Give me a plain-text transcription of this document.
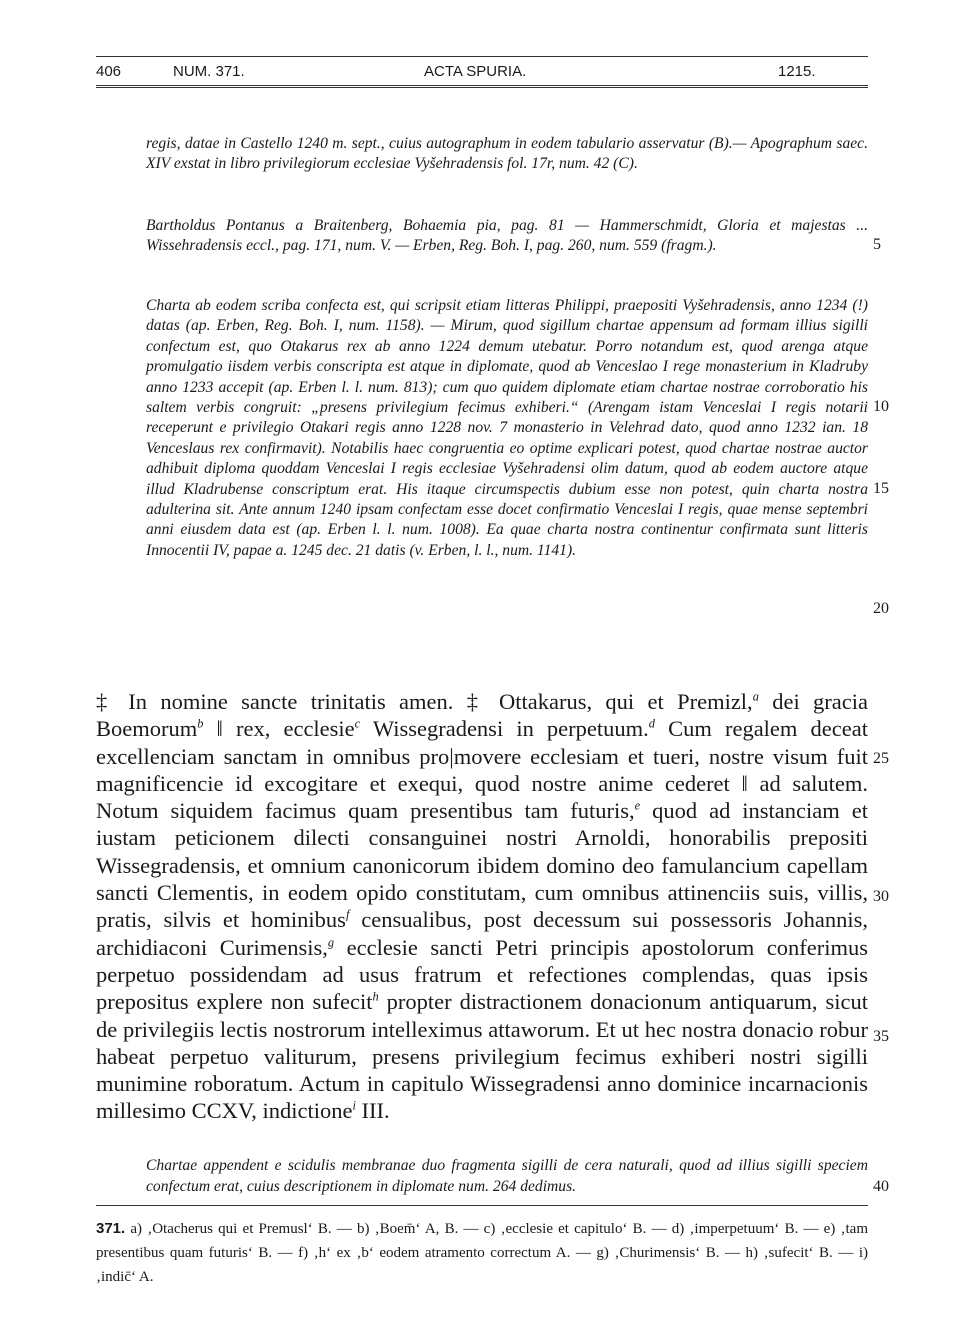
406	NUM. 371.	ACTA SPURIA.	1215.

regis, datae in Castello 1240 m. sept., cuius autographum in eodem tabulario asservatur (B).— Apographum saec. XIV exstat in libro privilegiorum ecclesiae Vyšehradensis fol. 17r, num. 42 (C).

Bartholdus Pontanus a Braitenberg, Bohaemia pia, pag. 81 — Hammerschmidt, Gloria et majestas ... Wissehradensis eccl., pag. 171, num. V. — Erben, Reg. Boh. I, pag. 260, num. 559 (fragm.).

Charta ab eodem scriba confecta est, qui scripsit etiam litteras Philippi, praepositi Vyšehradensis, anno 1234 (!) datas (ap. Erben, Reg. Boh. I, num. 1158). — Mirum, quod sigillum chartae appensum ad formam illius sigilli confectum est, quo Otakarus rex ab anno 1224 demum utebatur. Porro notandum est, quod arenga atque promulgatio iisdem verbis conscripta est atque in diplomate, quod ab Venceslao I rege monasterium in Kladruby anno 1233 accepit (ap. Erben l. l. num. 813); cum quo quidem diplomate etiam chartae nostrae corroboratio his saltem verbis congruit: „presens privilegium fecimus exhiberi.“ (Arengam istam Venceslai I regis notarii receperunt e privilegio Otakari regis anno 1228 nov. 7 monasterio in Velehrad dato, quod anno 1232 ian. 18 Venceslaus rex confirmavit). Notabilis haec congruentia eo optime explicari potest, quod chartae nostrae auctor adhibuit diploma quoddam Venceslai I regis ecclesiae Vyšehradensi olim datum, quod ab eodem auctore atque illud Kladrubense conscriptum erat. His itaque circumspectis dubium esse non potest, quin charta nostra adulterina sit. Ante annum 1240 ipsam confectam esse docet confirmatio Venceslai I regis, quae mense septembri anni eiusdem data est (ap. Erben l. l. num. 1008). Ea quae charta nostra continentur confirmata sunt litteris Innocentii IV, papae a. 1245 dec. 21 datis (v. Erben, l. l., num. 1141).

‡ In nomine sancte trinitatis amen. ‡ Ottakarus, qui et Premizl,$^a$ dei gracia Boemorum$^b$ ‖ rex, ecclesie$^c$ Wissegradensi in perpetuum.$^d$ Cum regalem deceat excellenciam sanctam in omnibus pro|movere ecclesiam et tueri, nostre visum fuit magnificencie id excogitare et exequi, quod nostre anime cederet ‖ ad salutem. Notum siquidem facimus quam presentibus tam futuris,$^e$ quod ad instanciam et iustam peticionem dilecti consanguinei nostri Arnoldi, honorabilis prepositi Wissegradensis, et omnium canonicorum ibidem domino deo famulancium capellam sancti Clementis, in eodem opido constitutam, cum omnibus attinenciis suis, villis, pratis, silvis et hominibus$^f$ censualibus, post decessum sui possessoris Johannis, archidiaconi Curimensis,$^g$ ecclesie sancti Petri principis apostolorum conferimus perpetuo possidendam ad usus fratrum et refectiones complendas, quas ipsis prepositus explere non sufecit$^h$ propter distractionem donacionum antiquarum, sicut de privilegiis lectis nostrorum intelleximus attaworum. Et ut hec nostra donacio robur habeat perpetuo valiturum, presens privilegium fecimus exhiberi nostri sigilli munimine roboratum. Actum in capitulo Wissegradensi anno dominice incarnacionis millesimo CCXV, indictione$^i$ III.

Chartae appendent e scidulis membranae duo fragmenta sigilli de cera naturali, quod ad illius sigilli speciem confectum erat, cuius descriptionem in diplomate num. 264 dedimus.

371. a) ‚Otacherus qui et Premusl‘ B. — b) ‚Boem̄‘ A, B. — c) ‚ecclesie et capitulo‘ B. — d) ‚imperpetuum‘ B. — e) ‚tam presentibus quam futuris‘ B. — f) ‚h‘ ex ‚b‘ eodem atramento correctum A. — g) ‚Churimensis‘ B. — h) ‚sufecit‘ B. — i) ‚indic̄‘ A.

5
10
15
20
25
30
35
40
